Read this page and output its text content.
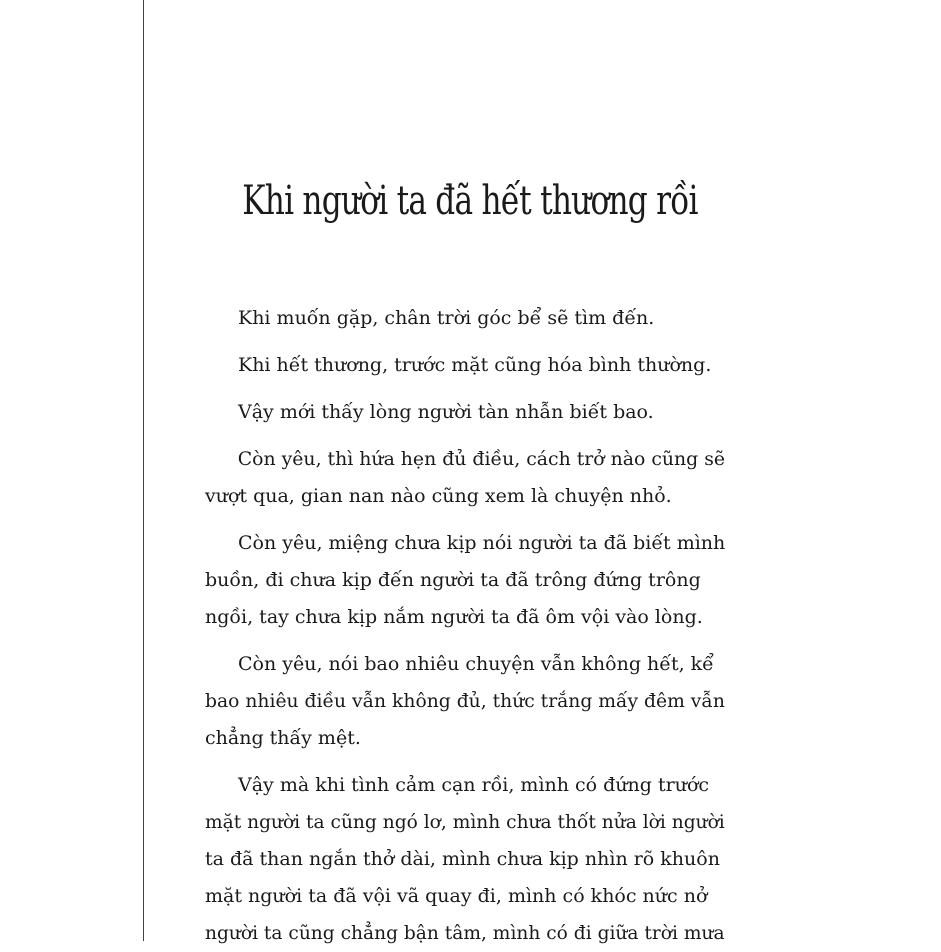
Khi người ta đã hết thương rồi
Khi muốn gặp, chân trời góc bể sẽ tìm đến.
Khi hết thương, trước mặt cũng hóa bình thường.
Vậy mới thấy lòng người tàn nhẫn biết bao.
Còn yêu, thì hứa hẹn đủ điều, cách trở nào cũng sẽ
vượt qua, gian nan nào cũng xem là chuyện nhỏ.
Còn yêu, miệng chưa kịp nói người ta đã biết mình
buồn, đi chưa kịp đến người ta đã trông đứng trông
ngồi, tay chưa kịp nắm người ta đã ôm vội vào lòng.
Còn yêu, nói bao nhiêu chuyện vẫn không hết, kể
bao nhiêu điều vẫn không đủ, thức trắng mấy đêm vẫn
chẳng thấy mệt.
Vậy mà khi tình cảm cạn rồi, mình có đứng trước
mặt người ta cũng ngó lơ, mình chưa thốt nửa lời người
ta đã than ngắn thở dài, mình chưa kịp nhìn rõ khuôn
mặt người ta đã vội vã quay đi, mình có khóc nức nở
người ta cũng chẳng bận tâm, mình có đi giữa trời mưa
